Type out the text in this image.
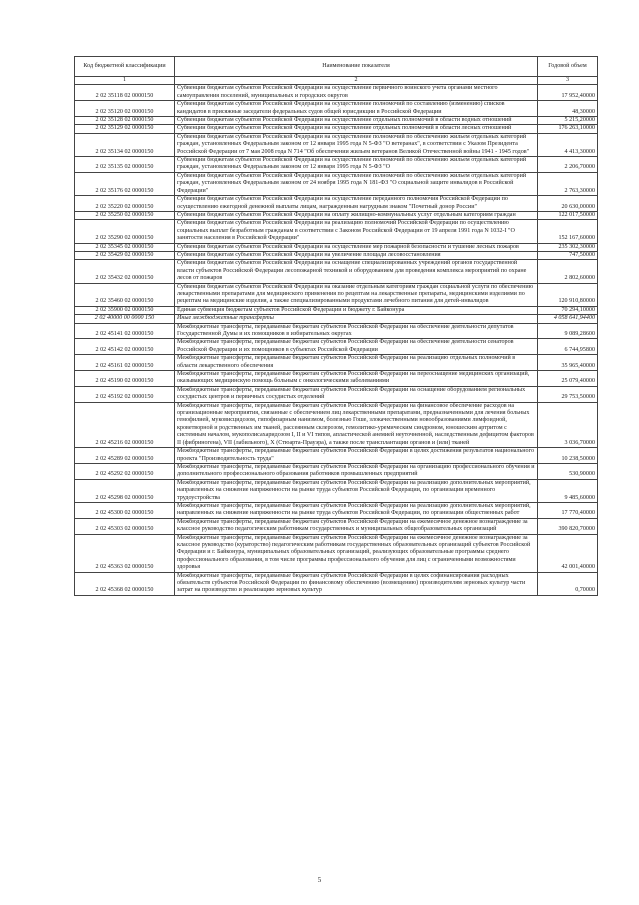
Код бюджетной классификации	Наименование показателя	Годовой объем
1	2	3
2 02 35118 02 0000150	Субвенции бюджетам субъектов Российской Федерации на осуществление первичного воинского учета органами местного самоуправления поселений, муниципальных и городских округов	17 952,40000
2 02 35120 02 0000150	Субвенции бюджетам субъектов Российской Федерации на осуществление полномочий по составлению (изменению) списков кандидатов в присяжные заседатели федеральных судов общей юрисдикции в Российской Федерации	48,30000
2 02 35128 02 0000150	Субвенции бюджетам субъектов Российской Федерации на осуществление отдельных полномочий в области водных отношений	5 215,20000
2 02 35129 02 0000150	Субвенции бюджетам субъектов Российской Федерации на осуществление отдельных полномочий в области лесных отношений	176 263,10000
2 02 35134 02 0000150	Субвенции бюджетам субъектов Российской Федерации на осуществление полномочий по обеспечению жильем отдельных категорий граждан, установленных Федеральным законом от 12 января 1995 года N 5-ФЗ "О ветеранах", в соответствии с Указом Президента Российской Федерации от 7 мая 2008 года N 714 "Об обеспечении жильем ветеранов Великой Отечественной войны 1941 - 1945 годов"	4 413,30000
2 02 35135 02 0000150	Субвенции бюджетам субъектов Российской Федерации на осуществление полномочий по обеспечению жильем отдельных категорий граждан, установленных Федеральным законом от 12 января 1995 года N 5-ФЗ "О	2 206,70000
2 02 35176 02 0000150	Субвенции бюджетам субъектов Российской Федерации на осуществление полномочий по обеспечению жильем отдельных категорий граждан, установленных Федеральным законом от 24 ноября 1995 года N 181-ФЗ "О социальной защите инвалидов в Российской Федерации"	2 763,30000
2 02 35220 02 0000150	Субвенции бюджетам субъектов Российской Федерации на осуществление переданного полномочия Российской Федерации по осуществлению ежегодной денежной выплаты лицам, награжденным нагрудным знаком "Почетный донор России"	20 630,00000
2 02 35250 02 0000150	Субвенции бюджетам субъектов Российской Федерации на оплату жилищно-коммунальных услуг отдельным категориям граждан	122 017,50000
2 02 35290 02 0000150	Субвенции бюджетам субъектов Российской Федерации на реализацию полномочий Российской Федерации по осуществлению социальных выплат безработным гражданам в соответствии с Законом Российской Федерации от 19 апреля 1991 года N 1032-I "О занятости населения в Российской Федерации"	152 167,60000
2 02 35345 02 0000150	Субвенции бюджетам субъектов Российской Федерации на осуществление мер пожарной безопасности и тушение лесных пожаров	235 302,30000
2 02 35429 02 0000150	Субвенции бюджетам субъектов Российской Федерации на увеличение площади лесовосстановления	747,50000
2 02 35432 02 0000150	Субвенции бюджетам субъектов Российской Федерации на оснащение специализированных учреждений органов государственной власти субъектов Российской Федерации лесопожарной техникой и оборудованием для проведения комплекса мероприятий по охране лесов от пожаров	2 802,60000
2 02 35460 02 0000150	Субвенции бюджетам субъектов Российской Федерации на оказание отдельным категориям граждан социальной услуги по обеспечению лекарственными препаратами для медицинского применения по рецептам на лекарственные препараты, медицинскими изделиями по рецептам на медицинские изделия, а также специализированными продуктами лечебного питания для детей-инвалидов	120 910,80000
2 02 35900 02 0000150	Единая субвенция бюджетам субъектов Российской Федерации и бюджету г. Байконура	70 294,10000
2 02 40000 00 0000 150	Иные межбюджетные трансферты	4 058 641,94400
2 02 45141 02 0000150	Межбюджетные трансферты, передаваемые бюджетам субъектов Российской Федерации на обеспечение деятельности депутатов Государственной Думы и их помощников в избирательных округах	9 089,28600
2 02 45142 02 0000150	Межбюджетные трансферты, передаваемые бюджетам субъектов Российской Федерации на обеспечение деятельности сенаторов Российской Федерации и их помощников в субъектах Российской Федерации	6 744,95800
2 02 45161 02 0000150	Межбюджетные трансферты, передаваемые бюджетам субъектов Российской Федерации на реализацию отдельных полномочий в области лекарственного обеспечения	35 965,40000
2 02 45190 02 0000150	Межбюджетные трансферты, передаваемые бюджетам субъектов Российской Федерации на переоснащение медицинских организаций, оказывающих медицинскую помощь больным с онкологическими заболеваниями	25 079,40000
2 02 45192 02 0000150	Межбюджетные трансферты, передаваемые бюджетам субъектов Российской Федерации на оснащение оборудованием региональных сосудистых центров и первичных сосудистых отделений	29 753,50000
2 02 45216 02 0000150	Межбюджетные трансферты, передаваемые бюджетам субъектов Российской Федерации на финансовое обеспечение расходов на организационные мероприятия, связанные с обеспечением лиц лекарственными препаратами, предназначенными для лечения больных гемофилией, муковисцидозом, гипофизарным нанизмом, болезнью Гоше, злокачественными новообразованиями лимфоидной, кроветворной и родственных им тканей, рассеянным склерозом, гемолитико-уремическим синдромом, юношеским артритом с системным началом, мукополисахаридозом I, II и VI типов, апластической анемией неуточненной, наследственным дефицитом факторов II (фибриногена), VII (лабильного), X (Стюарта-Прауэра), а также после трансплантации органов и (или) тканей	3 036,70000
2 02 45289 02 0000150	Межбюджетные трансферты, передаваемые бюджетам субъектов Российской Федерации в целях достижения результатов национального проекта "Производительность труда"	10 238,50000
2 02 45292 02 0000150	Межбюджетные трансферты, передаваемые бюджетам субъектов Российской Федерации на организацию профессионального обучения и дополнительного профессионального образования работников промышленных предприятий	530,90000
2 02 45298 02 0000150	Межбюджетные трансферты, передаваемые бюджетам субъектов Российской Федерации на реализацию дополнительных мероприятий, направленных на снижение напряженности на рынке труда субъектов Российской Федерации, по организации временного трудоустройства	9 485,60000
2 02 45300 02 0000150	Межбюджетные трансферты, передаваемые бюджетам субъектов Российской Федерации на реализацию дополнительных мероприятий, направленных на снижение напряженности на рынке труда субъектов Российской Федерации, по организации общественных работ	17 770,40000
2 02 45303 02 0000150	Межбюджетные трансферты, передаваемые бюджетам субъектов Российской Федерации на ежемесячное денежное вознаграждение за классное руководство педагогическим работникам государственных и муниципальных общеобразовательных организаций	390 820,70000
2 02 45363 02 0000150	Межбюджетные трансферты, передаваемые бюджетам субъектов Российской Федерации на ежемесячное денежное вознаграждение за классное руководство (кураторство) педагогическим работникам государственных образовательных организаций субъектов Российской Федерации и г. Байконура, муниципальных образовательных организаций, реализующих образовательные программы среднего профессионального образования, в том числе программы профессионального обучения для лиц с ограниченными возможностями здоровья	42 001,40000
2 02 45368 02 0000150	Межбюджетные трансферты, передаваемые бюджетам субъектов Российской Федерации в целях софинансирования расходных обязательств субъектов Российской Федерации по финансовому обеспечению (возмещению) производителям зерновых культур части затрат на производство и реализацию зерновых культур	0,70000
5
